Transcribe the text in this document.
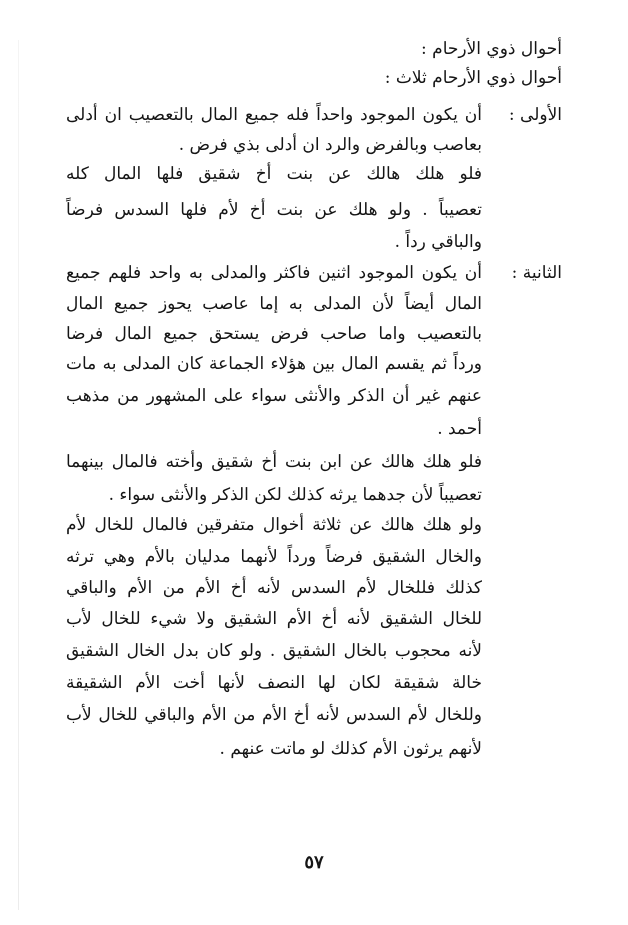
أحوال ذوي الأرحام :
أحوال ذوي الأرحام ثلاث :
الأولى :
أن يكون الموجود واحداً فله جميع المال بالتعصيب ان أدلى
بعاصب وبالفرض والرد ان أدلى بذي فرض .
فلو هلك هالك عن بنت أخ شقيق فلها المال كله
تعصيباً . ولو هلك عن بنت أخ لأم فلها السدس فرضاً
والباقي رداً .
الثانية :
أن يكون الموجود اثنين فاكثر والمدلى به واحد فلهم جميع
المال أيضاً لأن المدلى به إما عاصب يحوز جميع المال
بالتعصيب واما صاحب فرض يستحق جميع المال فرضا
ورداً ثم يقسم المال بين هؤلاء الجماعة كان المدلى به مات
عنهم غير أن الذكر والأنثى سواء على المشهور من مذهب
أحمد .
فلو هلك هالك عن ابن بنت أخ شقيق وأخته فالمال بينهما
تعصيباً لأن جدهما يرثه كذلك لكن الذكر والأنثى سواء .
ولو هلك هالك عن ثلاثة أخوال متفرقين فالمال للخال لأم
والخال الشقيق فرضاً ورداً لأنهما مدليان بالأم وهي ترثه
كذلك فللخال لأم السدس لأنه أخ الأم من الأم والباقي
للخال الشقيق لأنه أخ الأم الشقيق ولا شيء للخال لأب
لأنه محجوب بالخال الشقيق . ولو كان بدل الخال الشقيق
خالة شقيقة لكان لها النصف لأنها أخت الأم الشقيقة
وللخال لأم السدس لأنه أخ الأم من الأم والباقي للخال لأب
لأنهم يرثون الأم كذلك لو ماتت عنهم .
٥٧
